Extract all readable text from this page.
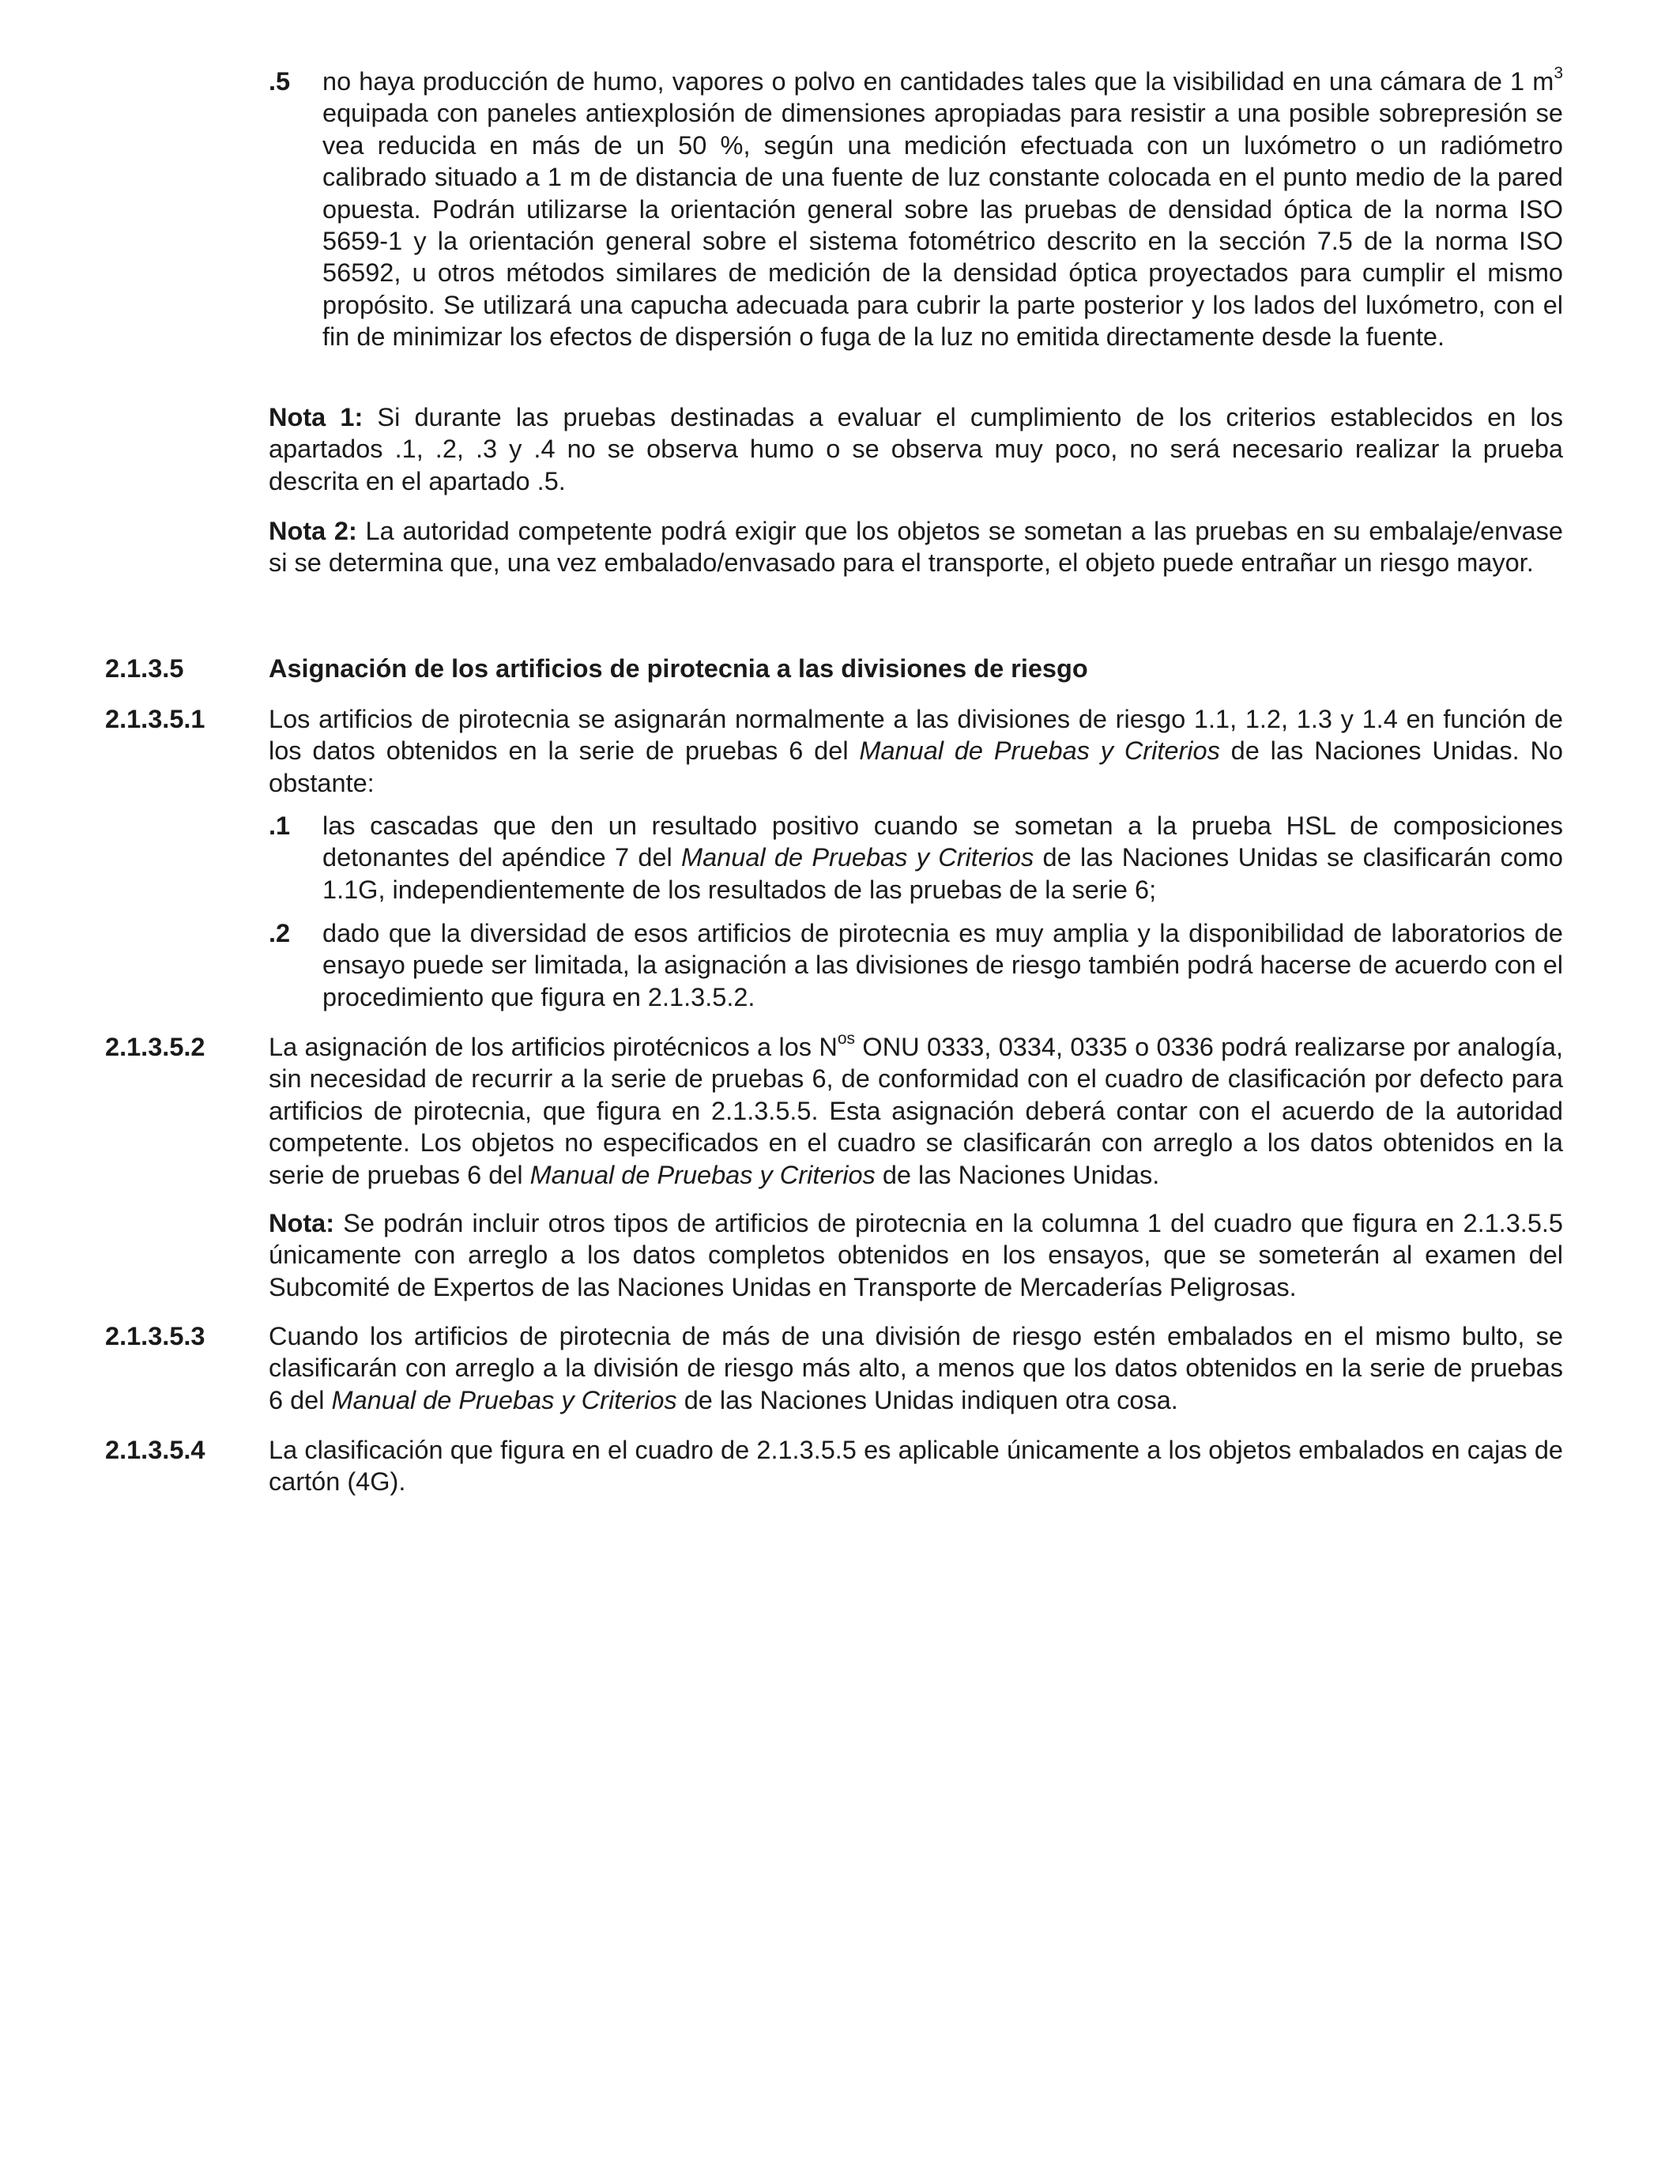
.5 no haya producción de humo, vapores o polvo en cantidades tales que la visibilidad en una cámara de 1 $m^3$ equipada con paneles antiexplosión de dimensiones apropiadas para resistir a una posible sobrepresión se vea reducida en más de un 50 %, según una medición efectuada con un luxómetro o un radiómetro calibrado situado a 1 m de distancia de una fuente de luz constante colocada en el punto medio de la pared opuesta. Podrán utilizarse la orientación general sobre las pruebas de densidad óptica de la norma ISO 5659-1 y la orientación general sobre el sistema fotométrico descrito en la sección 7.5 de la norma ISO 56592, u otros métodos similares de medición de la densidad óptica proyectados para cumplir el mismo propósito. Se utilizará una capucha adecuada para cubrir la parte posterior y los lados del luxómetro, con el fin de minimizar los efectos de dispersión o fuga de la luz no emitida directamente desde la fuente.

Nota 1: Si durante las pruebas destinadas a evaluar el cumplimiento de los criterios establecidos en los apartados .1, .2, .3 y .4 no se observa humo o se observa muy poco, no será necesario realizar la prueba descrita en el apartado .5.

Nota 2: La autoridad competente podrá exigir que los objetos se sometan a las pruebas en su embalaje/envase si se determina que, una vez embalado/envasado para el transporte, el objeto puede entrañar un riesgo mayor.

2.1.3.5	Asignación de los artificios de pirotecnia a las divisiones de riesgo
2.1.3.5.1 Los artificios de pirotecnia se asignarán normalmente a las divisiones de riesgo 1.1, 1.2, 1.3 y 1.4 en función de los datos obtenidos en la serie de pruebas 6 del Manual de Pruebas y Criterios de las Naciones Unidas. No obstante:
.1 las cascadas que den un resultado positivo cuando se sometan a la prueba HSL de composiciones detonantes del apéndice 7 del Manual de Pruebas y Criterios de las Naciones Unidas se clasificarán como 1.1G, independientemente de los resultados de las pruebas de la serie 6;
.2 dado que la diversidad de esos artificios de pirotecnia es muy amplia y la disponibilidad de laboratorios de ensayo puede ser limitada, la asignación a las divisiones de riesgo también podrá hacerse de acuerdo con el procedimiento que figura en 2.1.3.5.2.
2.1.3.5.2 La asignación de los artificios pirotécnicos a los $N^{os}$ ONU 0333, 0334, 0335 o 0336 podrá realizarse por analogía, sin necesidad de recurrir a la serie de pruebas 6, de conformidad con el cuadro de clasificación por defecto para artificios de pirotecnia, que figura en 2.1.3.5.5. Esta asignación deberá contar con el acuerdo de la autoridad competente. Los objetos no especificados en el cuadro se clasificarán con arreglo a los datos obtenidos en la serie de pruebas 6 del Manual de Pruebas y Criterios de las Naciones Unidas.

Nota: Se podrán incluir otros tipos de artificios de pirotecnia en la columna 1 del cuadro que figura en 2.1.3.5.5 únicamente con arreglo a los datos completos obtenidos en los ensayos, que se someterán al examen del Subcomité de Expertos de las Naciones Unidas en Transporte de Mercaderías Peligrosas.

2.1.3.5.3 Cuando los artificios de pirotecnia de más de una división de riesgo estén embalados en el mismo bulto, se clasificarán con arreglo a la división de riesgo más alto, a menos que los datos obtenidos en la serie de pruebas 6 del Manual de Pruebas y Criterios de las Naciones Unidas indiquen otra cosa.
2.1.3.5.4 La clasificación que figura en el cuadro de 2.1.3.5.5 es aplicable únicamente a los objetos embalados en cajas de cartón (4G).
